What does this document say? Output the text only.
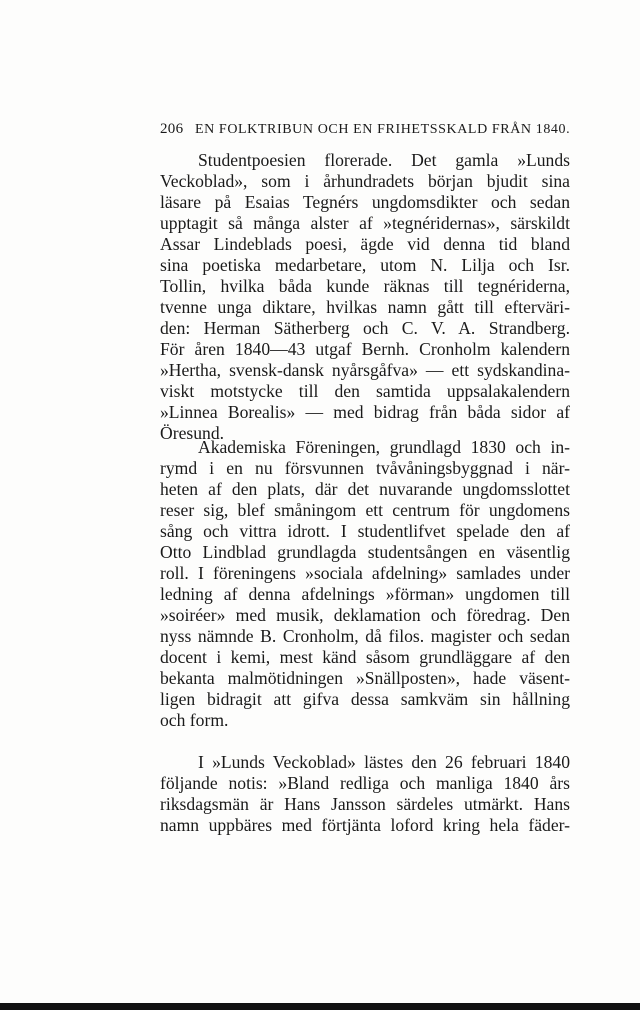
206 EN FOLKTRIBUN OCH EN FRIHETSSKALD FRÅN 1840.
Studentpoesien florerade. Det gamla »Lunds
Veckoblad», som i århundradets början bjudit sina
läsare på Esaias Tegnérs ungdomsdikter och sedan
upptagit så många alster af »tegnéridernas», särskildt
Assar Lindeblads poesi, ägde vid denna tid bland
sina poetiska medarbetare, utom N. Lilja och Isr.
Tollin, hvilka båda kunde räknas till tegnériderna,
tvenne unga diktare, hvilkas namn gått till efterväri-
den: Herman Sätherberg och C. V. A. Strandberg.
För åren 1840—43 utgaf Bernh. Cronholm kalendern
»Hertha, svensk-dansk nyårsgåfva» — ett sydskandina-
viskt motstycke till den samtida uppsalakalendern
»Linnea Borealis» — med bidrag från båda sidor af
Öresund.
Akademiska Föreningen, grundlagd 1830 och in-
rymd i en nu försvunnen tvåvåningsbyggnad i när-
heten af den plats, där det nuvarande ungdomsslottet
reser sig, blef småningom ett centrum för ungdomens
sång och vittra idrott. I studentlifvet spelade den af
Otto Lindblad grundlagda studentsången en väsentlig
roll. I föreningens »sociala afdelning» samlades under
ledning af denna afdelnings »förman» ungdomen till
»soiréer» med musik, deklamation och föredrag. Den
nyss nämnde B. Cronholm, då filos. magister och sedan
docent i kemi, mest känd såsom grundläggare af den
bekanta malmötidningen »Snällposten», hade väsent-
ligen bidragit att gifva dessa samkväm sin hållning
och form.
I »Lunds Veckoblad» lästes den 26 februari 1840
följande notis: »Bland redliga och manliga 1840 års
riksdagsmän är Hans Jansson särdeles utmärkt. Hans
namn uppbäres med förtjänta loford kring hela fäder-
